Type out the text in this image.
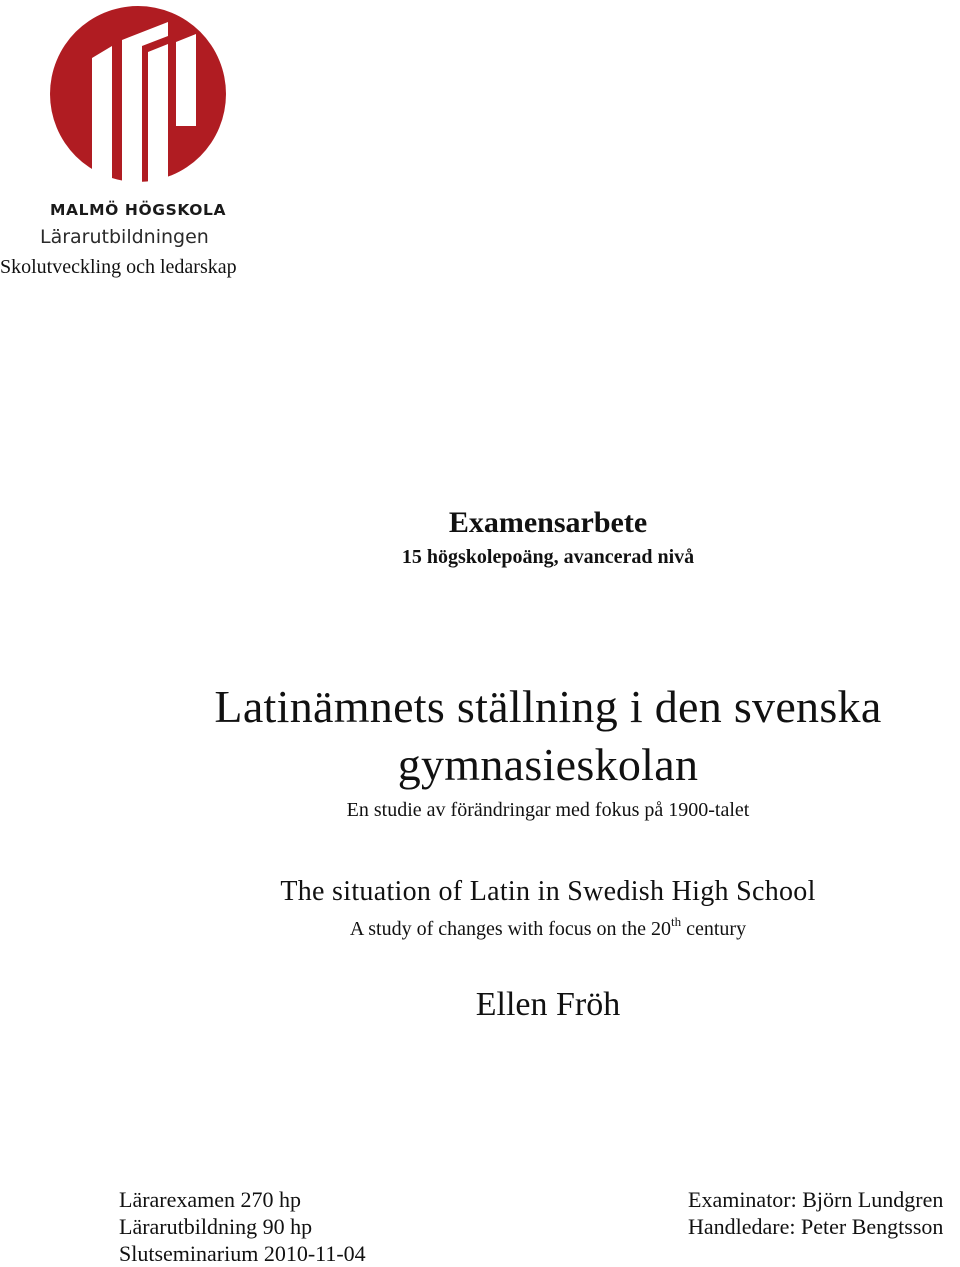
MALMÖ HÖGSKOLA
Lärarutbildningen
Skolutveckling och ledarskap
Examensarbete
15 högskolepoäng, avancerad nivå
Latinämnets ställning i den svenska
gymnasieskolan
En studie av förändringar med fokus på 1900-talet
The situation of Latin in Swedish High School
A study of changes with focus on the 20th century
Ellen Fröh
Lärarexamen 270 hp
Lärarutbildning 90 hp
Slutseminarium 2010-11-04
Examinator: Björn Lundgren
Handledare: Peter Bengtsson
